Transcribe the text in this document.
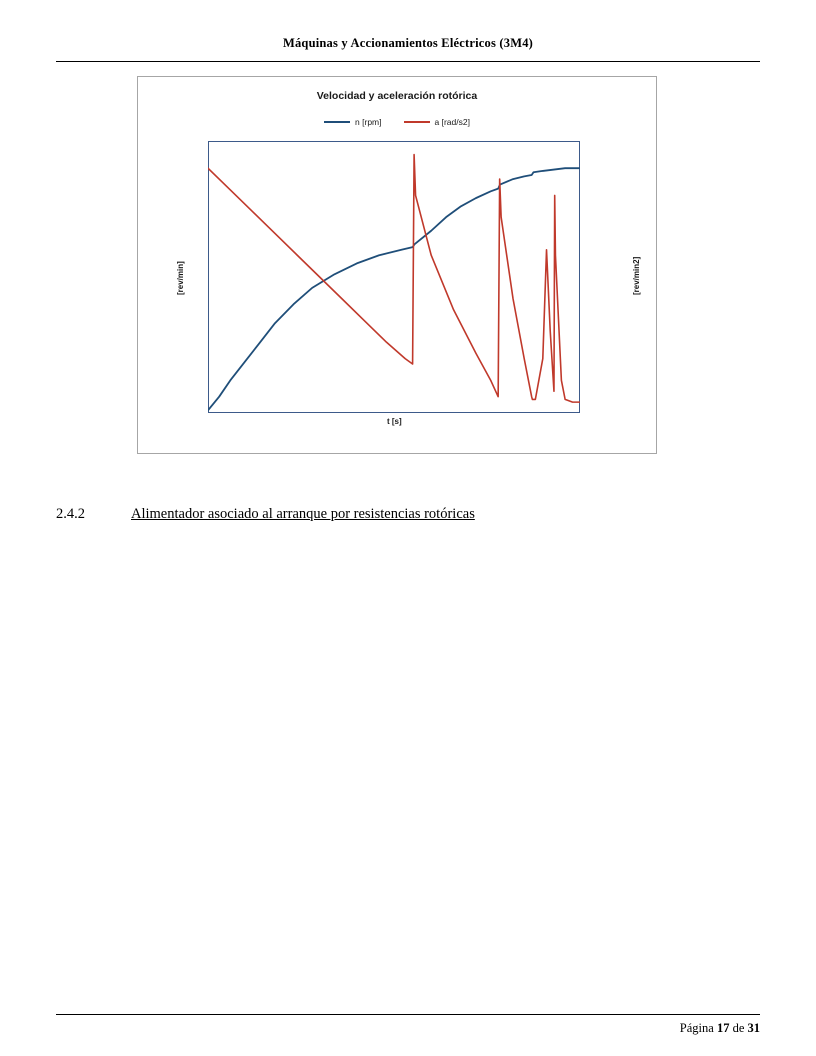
Máquinas y Accionamientos Eléctricos (3M4)
Velocidad y aceleración rotórica
n [rpm]	a [rad/s2]
[rev/min]	[rev/min2]
t [s]
2.4.2	Alimentador asociado al arranque por resistencias rotóricas
Página 17 de 31
